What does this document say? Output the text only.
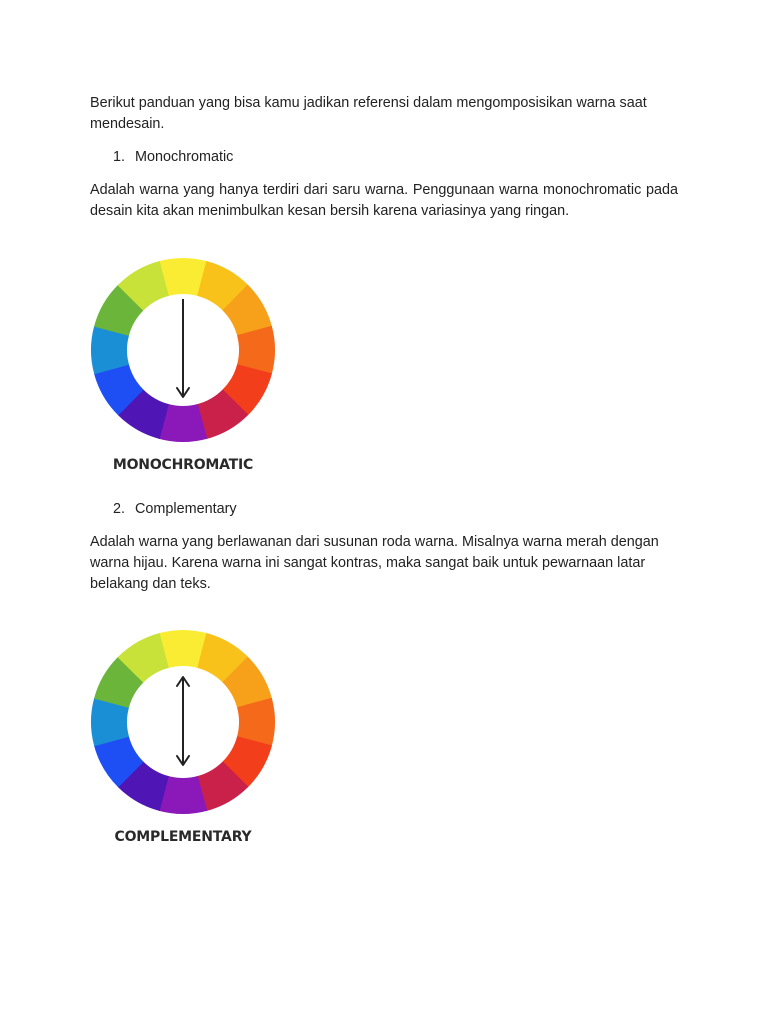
Berikut panduan yang bisa kamu jadikan referensi dalam mengomposisikan warna saat mendesain.

1. Monochromatic

Adalah warna yang hanya terdiri dari saru warna. Penggunaan warna monochromatic pada desain kita akan menimbulkan kesan bersih karena variasinya yang ringan.

MONOCHROMATIC

2. Complementary

Adalah warna yang berlawanan dari susunan roda warna. Misalnya warna merah dengan warna hijau. Karena warna ini sangat kontras, maka sangat baik untuk pewarnaan latar belakang dan teks.

COMPLEMENTARY
